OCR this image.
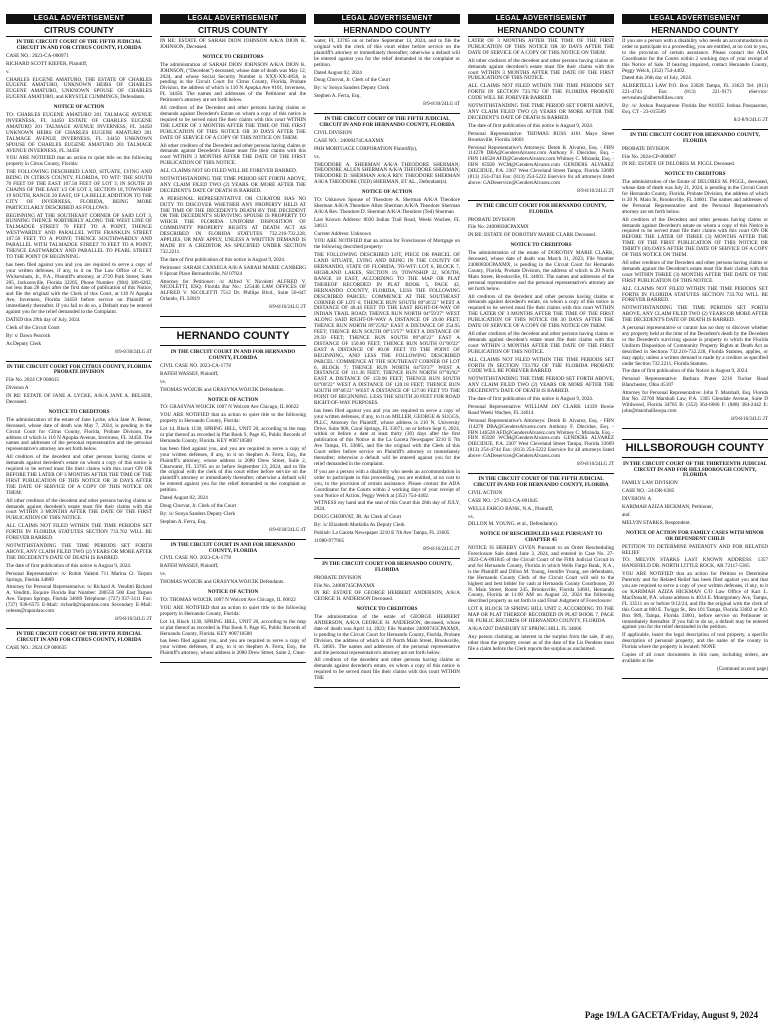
LEGAL ADVERTISEMENT
CITRUS COUNTY
IN THE CIRCUIT COURT OF THE FIFTH JUDICIAL CIRCUIT IN AND FOR CITRUS COUNTY, FLORIDA

CASE NO.: 2023-CA-000971

RICHARD SCOTT KIEFER, Plaintiff,

v.

CHARLES EUGENE AMATURO, THE ESTATE OF CHARLES EUGENE AMATURO, UNKNOWN HEIRS OF CHARLES EUGENE AMATURO, UNKNOWN SPOUSE OF CHARLES EUGENE AMATURO, and KRYSTLE CUMMINGS, Defendants.

NOTICE OF ACTION

TO: CHARLES EUGENE AMATURO 201 TALMAGE AVENUE INVERNESS, FL 34450 ESTATE OF CHARLES EUGENE AMATURO 201 TALMAGE AVENUE INVERNESS, FL 34450 UNKNOWN HEIRS OF CHARLES EUGENE AMATURO 201 TALMAGE AVENUE INVERNESS, FL 34450 UNKNOWN SPOUSE OF CHARLES EUGENE AMATURO 201 TALMAGE AVENUE INVERNESS, FL 34450

YOU ARE NOTIFIED that an action to quiet title on the following property in Citrus County, Florida:

THE FOLLOWING DESCRIBED LAND, SITUATE, LYING AND BEING IN CITRUS COUNTY, FLORIDA, TO WIT: THE SOUTH 70 FEET OF THE EAST 107.50 FEET OF LOT 3, IN SOUTH 20 CHAINS OF THE EAST 1/2 OF LOT 3, SECTION 18, TOWNSHIP 19 SOUTH, RANGE 20 EAST, OF LA BELLE ADDITION TO THE CITY OF INVERNESS, FLORIDA, BEING MORE PARTICULARLY DESCRIBED AS FOLLOWS:

BEGINNING AT THE SOUTHEAST CORNER OF SAID LOT 3, RUNNING THENCE NORTHERLY ALONG THE WEST LINE OF TALMADGE STREET 70 FEET TO A POINT, THENCE WESTWARDLY AND PARALLEL WITH FRANKLIN STREET 107.50 FEET TO A POINT; THENCE SOUTHWARDLY AND PARALLEL WITH TALMADGE STREET 70 FEET TO A POINT; THENCE EASTWARDLY AND PARALLEL TO PEARL STREET TO THE POINT OF BEGINNING.

has been filed against you and you are required to serve a copy of your written defenses, if any, to it on The Law Office of C. W. Wickersham, Jr., P.A., Plaintiff's attorney, at 2720 Park Street, Suite 205, Jacksonville, Florida 32205, Phone Number: (904) 389-6202, not less than 28 days after the first date of publication of this Notice, and file the original with the Clerk of this Court, at 110 N Apopka Ave, Inverness, Florida 34450 before service on Plaintiff or immediately thereafter. If you fail to do so, a Default may be entered against you for the relief demanded in the Complaint.

DATED this 29th day of July, 2024.

Clerk of the Circuit Court

By: s/ Dawn Peacock

As Deputy Clerk

8/9-8/30/24LG 4T
IN THE CIRCUIT COURT FOR CITRUS COUNTY, FLORIDA PROBATE DIVISION

File No. 2024 CP 000615

Division A

IN RE: ESTATE OF JANE A. LYCKE, A/K/A JANE A. BELSER, Deceased.

NOTICE TO CREDITORS

The administration of the estate of Jane Lycke, a/k/a Jane A. Belser, deceased, whose date of death was May 7, 2024, is pending in the Circuit Court for Citrus County, Florida, Probate Division, the address of which is 110 N Apopka Avenue, Inverness, FL 34450. The names and addresses of the personal representative and the personal representative's attorney are set forth below.

All creditors of the decedent and other persons having claims or demands against decedent's estate on whom a copy of this notice is required to be served must file their claims with this court ON OR BEFORE THE LATER OF 3 MONTHS AFTER THE TIME OF THE FIRST PUBLICATION OF THIS NOTICE OR 30 DAYS AFTER THE DATE OF SERVICE OF A COPY OF THIS NOTICE ON THEM.

All other creditors of the decedent and other persons having claims or demands against decedent's estate must file their claims with this court WITHIN 3 MONTHS AFTER THE DATE OF THE FIRST PUBLICATION OF THIS NOTICE.

ALL CLAIMS NOT FILED WITHIN THE TIME PERIODS SET FORTH IN FLORIDA STATUTES SECTION 733.702 WILL BE FOREVER BARRED.

NOTWITHSTANDING THE TIME PERIODS SET FORTH ABOVE, ANY CLAIM FILED TWO (2) YEARS OR MORE AFTER THE DECEDENT'S DATE OF DEATH IS BARRED.

The date of first publication of this notice is August 9, 2024.

Personal Representative: /s/ Robin Valenti 711 Marina Ct. Tarpon Springs, Florida 34689

Attorney for Personal Representative: /s/ Richard A. Venditti Richard A. Venditti, Esquire Florida Bar Number: 280550 500 East Tarpon Ave. Tarpon Springs, Florida 34689 Telephone: (727) 937-3111 Fax: (727) 938-6575 E-Mail: richard@raponlaw.com Secondary E-Mail: celeste@raponlaw.com

8/9-8/16/24LG 2T
IN THE CIRCUIT COURT OF THE FIFTH JUDICIAL CIRCUIT IN AND FOR CITRUS COUNTY, FLORIDA

CASE NO.: 2024 CP 000635

LEGAL ADVERTISEMENT
CITRUS COUNTY

IN RE: ESTATE OF SARAH DION JOHNSON A/K/A DION K. JOHNSON, Deceased.

NOTICE TO CREDITORS

The administration of SARAH DION JOHNSON A/K/A DION K. JOHNSON, ("Decedent") deceased, whose date of death was May 12, 2024, and whose Social Security Number is XXX-XX-4858, is pending in the Circuit Court for Citrus County, Florida, Probate Division, the address of which is 110 N Apopka Ave #101, Inverness, FL 34450. The names and addresses of the Petitioner and the Petitioner's attorney are set forth below.

All creditors of the Decedent and other persons having claims or demands against Decedent's Estate on whom a copy of this notice is required to be served must file their claims with this court WITHIN THE LATER OF 3 MONTHS AFTER THE TIME OF THE FIRST PUBLICATION OF THIS NOTICE OR 30 DAYS AFTER THE DATE OF SERVICE OF A COPY OF THIS NOTICE ON THEM.

All other creditors of the Decedent and other persons having claims or demands against Decedent's Estate must file their claims with this court WITHIN 3 MONTHS AFTER THE DATE OF THE FIRST PUBLICATION OF THIS NOTICE.

ALL CLAIMS NOT SO FILED WILL BE FOREVER BARRED.

NOTWITHSTANDING THE TIME PERIOD SET FORTH ABOVE, ANY CLAIM FILED TWO (2) YEARS OR MORE AFTER THE DECEDENT'S DATE OF DEATH IS BARRED.

A PERSONAL REPRESENTATIVE OR CURATOR HAS NO DUTY TO DISCOVER WHETHER ANY PROPERTY HELD AT THE TIME OF THE DECEDENT'S DEATH BY THE DECEDENT OR THE DECEDENT'S SURVIVING SPOUSE IS PROPERTY TO WHICH THE FLORIDA UNIFORM DISPOSITION OF COMMUNITY PROPERTY RIGHTS AT DEATH ACT AS DESCRIBED IN FLORIDA STATUTES 732.216-732.228, APPLIES, OR MAY APPLY, UNLESS A WRITTEN DEMAND IS MADE BY A CREDITOR AS SPECIFIED UNDER SECTION 732.2211.

The date of first publication of this notice is August 9, 2024.

Petitioner: SARAH CANSEGA A/K/A SARAH MARIE CANBERG 8 Sprout Place Bernardsville, NJ 07924

Attorney for Petitioner: /s/ Alfred V. Nicoletti ALFRED V. NICOLETTI, ESQ. Florida Bar No.: 125446 LAW OFFICES OF ALFRED V. NICOLETTI 7512 Dr. Phillips Blvd., Suite 50-647 Orlando, FL 32819

8/9-8/16/24LG 2T
HERNANDO COUNTY
IN THE CIRCUIT COURT IN AND FOR HERNANDO COUNTY, FLORIDA

CIVIL CASE NO. 2023-CA-1778

RAFEH WASSEF, Plaintiff,

vs.

THOMAS WOJCIK and GRASYNA WOJCIK Defendants.

NOTICE OF ACTION

TO: GRASYNA WOJCIK 1007 N Wolcott Ave Chicago, IL 60622

YOU ARE NOTIFIED that an action to quiet title to the following property in Hernando County, Florida:

Lot 14, Block 1130, SPRING HILL, UNIT 20, according to the map or plat thereof as recorded in Plat Book 9, Page 65, Public Records of Hernando County, Florida. KEY #00710500

has been filed against you, and you are required to serve a copy of your written defenses, if any, to it on Stephen A. Ferra, Esq., the Plaintiff's attorney, whose address is 2080 Drew Street, Suite 2, Clearwater, FL 33765 on or before September 13, 2024, and to file the original with the clerk of this court either before service on the plaintiff's attorney or immediately thereafter; otherwise a default will be entered against you for the relief demanded in the complaint or petition.

Dated August 02, 2024

Doug Chorvat, Jr. Clerk of the Court

By: /s/ Sonya Sanders Deputy Clerk

Stephen A. Ferra, Esq.

8/9-8/30/24LG 4T
IN THE CIRCUIT COURT IN AND FOR HERNANDO COUNTY, FLORIDA

CIVIL CASE NO. 2023-CA-1778

RAFEH WASSEF, Plaintiff,

vs.

THOMAS WOJCIK and GRASYNA WOJCIK Defendants.

NOTICE OF ACTION

TO: THOMAS WOJCIK 1007 N Wolcott Ave Chicago, IL 60622

YOU ARE NOTIFIED that an action to quiet title to the following property in Hernando County, Florida:

Lot 14, Block 1130, SPRING HILL, UNIT 20, according to the map or plat thereof as recorded in Plat Book 9, Page 65, Public Records of Hernando County, Florida. KEY #00710500

has been filed against you, and you are required to serve a copy of your written defenses, if any, to it on Stephen A. Ferra, Esq., the Plaintiff's attorney, whose address is 2080 Drew Street, Suite 2, Clear-

LEGAL ADVERTISEMENT
HERNANDO COUNTY

water, FL 33765 on or before September 13, 2024, and to file the original with the clerk of this court either before service on the plaintiff's attorney or immediately thereafter; otherwise a default will be entered against you for the relief demanded in the complaint or petition.

Dated August 02, 2024

Doug Chorvat, Jr. Clerk of the Court

By: /s/ Sonya Sanders Deputy Clerk

Stephen A. Ferra, Esq.

8/9-8/30/24LG 4T
IN THE CIRCUIT COURT OF THE FIFTH JUDICIAL CIRCUIT IN AND FOR HERNANDO COUNTY, FLORIDA

CIVIL DIVISION

CASE NO.: 24000474CAAXMX

PHH MORTGAGE CORPORATION Plaintiff(s),

vs.

THEODORE A. SHERMAN A/K/A THEODORE SHERMAN; THEODORE ALLEN SHERMAN A/K/A THEODORE SHERMAN; THEODORE D. SHERMAN A/K/A REV. THEODORE SHERMAN A/K/A THEODORE (TED) SHERMAN, ET AL., Defendant(s).

NOTICE OF ACTION

TO: Unknown Spouse of Theodore A. Sherman A/K/A Theodore Sherman A/K/A Theodore Allen Sherman A/K/A Theodore Sherman A/K/A Rev. Theodore D. Sherman A/K/A Theodore (Ted) Sherman

Last Known Address: 8030 Indian Trail Road, Weeki Wachee, FL 34613

Current Address: Unknown

YOU ARE NOTIFIED that an action for Foreclosure of Mortgage on the following described property:

THE FOLLOWING DESCRIBED LOT, PIECE OR PARCEL OF LAND SITUATE, LYING AND BEING IN THE COUNTY OF HERNANDO, STATE OF FLORIDA, TO-WIT: LOT 6, BLOCK 7, HIGHLAND LAKES, SECTION 19, TOWNSHIP 22, SOUTH, RANGE 18 EAST, ACCORDING TO THE MAP OR PLAT THEREOF RECORDED IN PLAT BOOK 5, PAGE 42, HERNANDO COUNTY, FLORIDA, LESS THE FOLLOWING DESCRIBED PARCEL: COMMENCE AT THE SOUTHEAST CORNER OF LOT 6; THENCE RUN SOUTH 89°46'22" WEST A DISTANCE OF 40.44 FEET TO THE EAST RIGHT-OF-WAY OF INDIAN TRAIL ROAD; THENCE RUN NORTH 04°59'27" WEST ALONG SAID RIGHT-OF-WAY A DISTANCE OF 29.00 FEET; THENCE RUN NORTH 89°25'02" EAST A DISTANCE OF 254.95 FEET; THENCE RUN SOUTH 00°13'57" WEST A DISTANCE OF 29.50 FEET; THENCE RUN SOUTH 89°46'22" EAST A DISTANCE OF 150.00 FEET; THENCE RUN SOUTH 01°00'22" EAST A DISTANCE OF 80.00 FEET TO THE POINT OF BEGINNING, AND LESS THE FOLLOWING DESCRIBED PARCEL: COMMENCE AT THE SOUTHEAST CORNER OF LOT 6, BLOCK 7; THENCE RUN NORTH 04°59'37" WEST A DISTANCE OF 111.36 FEET; THENCE RUN NORTH 87°02'02" EAST A DISTANCE OF 159.96 FEET; THENCE RUN SOUTH 01°00'22" WEST A DISTANCE OF 120.18 FEET; THENCE RUN SOUTH 89°46'22" WEST A DISTANCE OF 127.00 FEET TO THE POINT OF BEGINNING. LESS THE SOUTH 20 FEET FOR ROAD RIGHT-OF-WAY PURPOSES.

has been filed against you and you are required to serve a copy of your written defenses, if any, to it on MILLER, GEORGE & SUGGS, PLLC, Attorney for Plaintiff, whose address is 210 N. University Drive, Suite 900, Coral Springs, FL 33071, on or before Sept 6, 2024, within or before a date at least thirty (30) days after the first publication of this Notice in the La Gaceta Newspaper 3210 E 7th Ave Tampa, FL 33605, and file the original with the Clerk of this Court either before service on Plaintiff's attorney or immediately thereafter; otherwise a default will be entered against you for the relief demanded in the complaint.

If you are a person with a disability who needs an accommodation in order to participate in this proceeding, you are entitled, at no cost to you, to the provision of certain assistance. Please contact the ADA Coordinator for the Courts within 2 working days of your receipt of your Notice of Action. Peggy Welch at (352) 754-4402.

WITNESS my hand and the seal of this Court this 26th day of JULY, 2024.

DOUG CHORVAT, JR. As Clerk of Court

By: /s/ Elizabeth Markidis As Deputy Clerk

Publish: La Gaceta Newspaper 3210 E 7th Ave Tampa, FL 33605

11080-977965

8/9-8/16/24LG 2T
IN THE CIRCUIT COURT FOR HERNANDO COUNTY, FLORIDA

PROBATE DIVISION

File No. 24000745CPAXMX

IN RE: ESTATE OF GEORGE HERBERT ANDERSON, A/K/A GEORGE H. ANDERSON Deceased.

NOTICE TO CREDITORS

The administration of the estate of GEORGE HERBERT ANDERSON, A/K/A GEORGE H. ANDERSON, deceased, whose date of death was April 14, 2023; File Number 24000745CPAXMX, is pending in the Circuit Court for Hernando County, Florida, Probate Division, the address of which is 20 North Main Street, Brooksville, FL 34601. The names and addresses of the personal representative and the personal representative's attorney are set forth below.

All creditors of the decedent and other persons having claims or demands against decedent's estate, on whom a copy of this notice is required to be served must file their claims with this court WITHIN THE

LEGAL ADVERTISEMENT
HERNANDO COUNTY

LATER OF 3 MONTHS AFTER THE TIME OF THE FIRST PUBLICATION OF THIS NOTICE OR 30 DAYS AFTER THE DATE OF SERVICE OF A COPY OF THIS NOTICE ON THEM.

All other creditors of the decedent and other persons having claims or demands against decedent's estate must file their claims with this court WITHIN 3 MONTHS AFTER THE DATE OF THE FIRST PUBLICATION OF THIS NOTICE.

ALL CLAIMS NOT FILED WITHIN THE TIME PERIODS SET FORTH IN SECTION 733.702 OF THE FLORIDA PROBATE CODE WILL BE FOREVER BARRED.

NOTWITHSTANDING THE TIME PERIOD SET FORTH ABOVE, ANY CLAIM FILED TWO (2) YEARS OR MORE AFTER THE DECEDENT'S DATE OF DEATH IS BARRED.

The date of first publication of this notice is August 9, 2024.

Personal Representative: THOMAS RUSS 4161 Mayo Street Brooksville, Florida 34601

Personal Representative's Attorneys: Derek B. Alvarez, Esq. - FBN 114278 DBA@GendersAlvarez.com Anthony F. Diecidue, Esq. - FBN 146528 AFD@GendersAlvarez.com Whitney C. Miranda, Esq. - FBN 65928 WCM@GendersAlvarez.com GENDERS ALVAREZ DIECIDUE, P.A. 2307 West Cleveland Street Tampa, Florida 33609 (813) 254-4744 Fax: (813) 254-5222 Eservice for all attorneys listed above: GADeservice@GendersAlvarez.com

8/9-8/16/24LG 2T
IN THE CIRCUIT COURT FOR HERNANDO COUNTY, FLORIDA

PROBATE DIVISION

File No. 24000830CPAXMX

IN RE: ESTATE OF DOROTHY MARIE CLARK Deceased.

NOTICE TO CREDITORS

The administration of the estate of DOROTHY MARIE CLARK, deceased, whose date of death was March 31, 2023; File Number 24000830CPAXMX, is pending in the Circuit Court for Hernando County, Florida, Probate Division, the address of which is 20 North Main Street, Brooksville, FL 34601. The names and addresses of the personal representative and the personal representative's attorney are set forth below.

All creditors of the decedent and other persons having claims or demands against decedent's estate, on whom a copy of this notice is required to be served must file their claims with this court WITHIN THE LATER OF 3 MONTHS AFTER THE TIME OF THE FIRST PUBLICATION OF THIS NOTICE OR 30 DAYS AFTER THE DATE OF SERVICE OF A COPY OF THIS NOTICE ON THEM.

All other creditors of the decedent and other persons having claims or demands against decedent's estate must file their claims with this court WITHIN 3 MONTHS AFTER THE DATE OF THE FIRST PUBLICATION OF THIS NOTICE.

ALL CLAIMS NOT FILED WITHIN THE TIME PERIODS SET FORTH IN SECTION 733.702 OF THE FLORIDA PROBATE CODE WILL BE FOREVER BARRED.

NOTWITHSTANDING THE TIME PERIOD SET FORTH ABOVE, ANY CLAIM FILED TWO (2) YEARS OR MORE AFTER THE DECEDENT'S DATE OF DEATH IS BARRED.

The date of first publication of this notice is August 9, 2024.

Personal Representative: WILLIAM JAY CLARK 14339 Bowie Road Weeki Wachee, FL 34614

Personal Representative's Attorneys: Derek B. Alvarez, Esq. - FBN 114278 DBA@GendersAlvarez.com Anthony F. Diecidue, Esq. - FBN 146528 AFD@GendersAlvarez.com Whitney C. Miranda, Esq. - FBN 65928 WCM@GendersAlvarez.com GENDERS ALVAREZ DIECIDUE, P.A. 2307 West Cleveland Street Tampa, Florida 33609 (813) 254-4744 Fax: (813) 254-5222 Eservice for all attorneys listed above: GADeservice@GendersAlvarez.com

8/9-8/16/24LG 2T
IN THE CIRCUIT COURT OF THE FIFTH JUDICIAL CIRCUIT IN AND FOR HERNANDO COUNTY, FLORIDA

CIVIL ACTION

CASE NO.: 27-2023-CA-001845

WELLS FARGO BANK, N.A., Plaintiff,

vs.

DILLON M. YOUNG, et al., Defendant(s).

NOTICE OF RESCHEDULED SALE PURSUANT TO CHAPTER 45

NOTICE IS HEREBY GIVEN Pursuant to an Order Rescheduling Foreclosure Sale dated June 3, 2024, and entered in Case No. 27-2023-CA-001845 of the Circuit Court of the Fifth Judicial Circuit in and for Hernando County, Florida in which Wells Fargo Bank, N.A., is the Plaintiff and Dillon M. Young, Jennifer Young, are defendants, the Hernando County Clerk of the Circuit Court will sell to the highest and best bidder for cash at Hernando County Courthouse, 20 N. Main Street, Room 245, Brooksville, Florida 34601, Hernando County, Florida at 11:00 AM on August 22, 2024 the following described property as set forth in said Final Judgment of Foreclosure:

LOT 8, BLOCK 59 SPRING HILL UNIT 2, ACCORDING TO THE MAP OR PLAT THEREOF RECORDED IN PLAT BOOK 7, PAGE 68, PUBLIC RECORDS OF HERNANDO COUNTY, FLORIDA

A/K/A 6267 DANBURY ST SPRING HILL FL 34606

Any person claiming an interest in the surplus from the sale, if any, other than the property owner as of the date of the Lis Pendens must file a claim before the Clerk reports the surplus as unclaimed.

LEGAL ADVERTISEMENT
HERNANDO COUNTY

If you are a person with a disability who needs an accommodation in order to participate in a proceeding, you are entitled, at no cost to you, to the provision of certain assistance. Please contact the ADA Coordinator for the Courts within 2 working days of your receipt of this Notice of Sale. If hearing impaired, contact Hernando County, Peggy Welch, (352) 754-4402.

Dated this 26th day of July, 2024.

ALBERTELLI LAW P.O. Box 23028 Tampa, FL 33623 Tel: (813) 221-4743 Fax: (813) 221-9171 eService: servealaw@albertellilaw.com

By: /s/ Joshua Pasquarone Florida Bar #41835 Joshua Pasquarone, Esq. CT - 23-015589

8/2-8/9/24LG 2T
IN THE CIRCUIT COURT FOR HERNANDO COUNTY, FLORIDA

PROBATE DIVISION

File No. 2024-CP-000807

IN RE: ESTATE OF DELORES M. PIGGL Deceased.

NOTICE TO CREDITORS

The administration of the Estate of DELORES M. PIGGL, deceased, whose date of death was July 21, 2024, is pending in the Circuit Court for Hernando County, Florida, Probate Division, the address of which is 20 N. Main St, Brooksville, FL 34601. The names and addresses of the Personal Representative and the Personal Representative's attorney are set forth below.

All creditors of the Decedent and other persons having claims or demands against Decedent's estate on whom a copy of this Notice is required to be served must file their claims with this court ON OR BEFORE THE LATER OF THREE (3) MONTHS AFTER THE TIME OF THE FIRST PUBLICATION OF THIS NOTICE OR THIRTY (30) DAYS AFTER THE DATE OF SERVICE OF A COPY OF THIS NOTICE ON THEM.

All other creditors of the Decedent and other persons having claims or demands against the Decedent's estate must file their claims with this court WITHIN THREE (3) MONTHS AFTER THE DATE OF THE FIRST PUBLICATION OF THIS NOTICE.

ALL CLAIMS NOT FILED WITHIN THE TIME PERIODS SET FORTH IN FLORIDA STATUTES SECTION 733.702 WILL BE FOREVER BARRED.

NOTWITHSTANDING THE TIME PERIODS SET FORTH ABOVE, ANY CLAIM FILED TWO (2) YEARS OR MORE AFTER THE DECEDENT'S DATE OF DEATH IS BARRED.

A personal representative or curator has no duty to discover whether any property held at the time of the Decedent's death by the Decedent or the Decedent's surviving spouse is property to which the Florida Uniform Disposition of Community Property Rights at Death Act as described in Sections 732.216-732.228, Florida Statutes, applies, or may apply, unless a written demand is made by a creditor as specified under Section 732.2211, Florida Statutes.

The date of first publication of this Notice is August 9, 2024.

Personal Representative: Barbara Prater 2216 Tucker Road Blanchester, Ohio 45107

Attorney for Personal Representative: John T. Marshall, Esq. Florida Bar No. 22760 Marshall Law, P.A. 1305 Glendale Avenue, Suite D Wildwood, Florida 34785 B: (352) 364-6666 F: (888) 384-2442 E: john@marshalllawpa.com

8/9-8/16/24LG 2T
HILLSBOROUGH COUNTY
IN THE CIRCUIT COURT OF THE THIRTEENTH JUDICIAL CIRCUIT IN AND FOR HILLSBOROUGH COUNTY, FLORIDA

FAMILY LAW DIVISION

CASE NO.: 24-DR-6385

DIVISION: A

KARIMAH AZIZA HICKMAN, Petitioner,

and

MELVIN STARKS, Respondent.

NOTICE OF ACTION FOR FAMILY CASES WITH MINOR OR DEPENDENT CHILD

PETITION TO DETERMINE PATERNITY AND FOR RELATED RELIEF

TO: MELVIN STARKS LAST KNOWN ADDRESS: 1357 HANSFIELD DR. NORTH LITTLE ROCK, AR 72117-5365

YOU ARE NOTIFIED that an action for Petition to Determine Paternity and for Related Relief has been filed against you and that you are required to serve a copy of your written defenses, if any, to it on KARIMAH AZIZA HICKMAN C/O Law Office of Kari L. MacDonald, P.A. whose address is 4034 E. Montgomery Ave, Tampa, FL 33511 on or before 9/12/24, and file the original with the clerk of this Court at 800 E. Twiggs St., Rm 101 Tampa, Florida 33602 or P.O. Box 989, Tampa, Florida 33601, before service on Petitioner or immediately thereafter. If you fail to do so, a default may be entered against you for the relief demanded in the petition.

If applicable, insert the legal description of real property, a specific description of personal property, and the name of the county in Florida where the property is located: NONE

Copies of all court documents in this case, including orders, are available at the

(Continued on next page)
Page 19/LA GACETA/Friday, August 9, 2024
